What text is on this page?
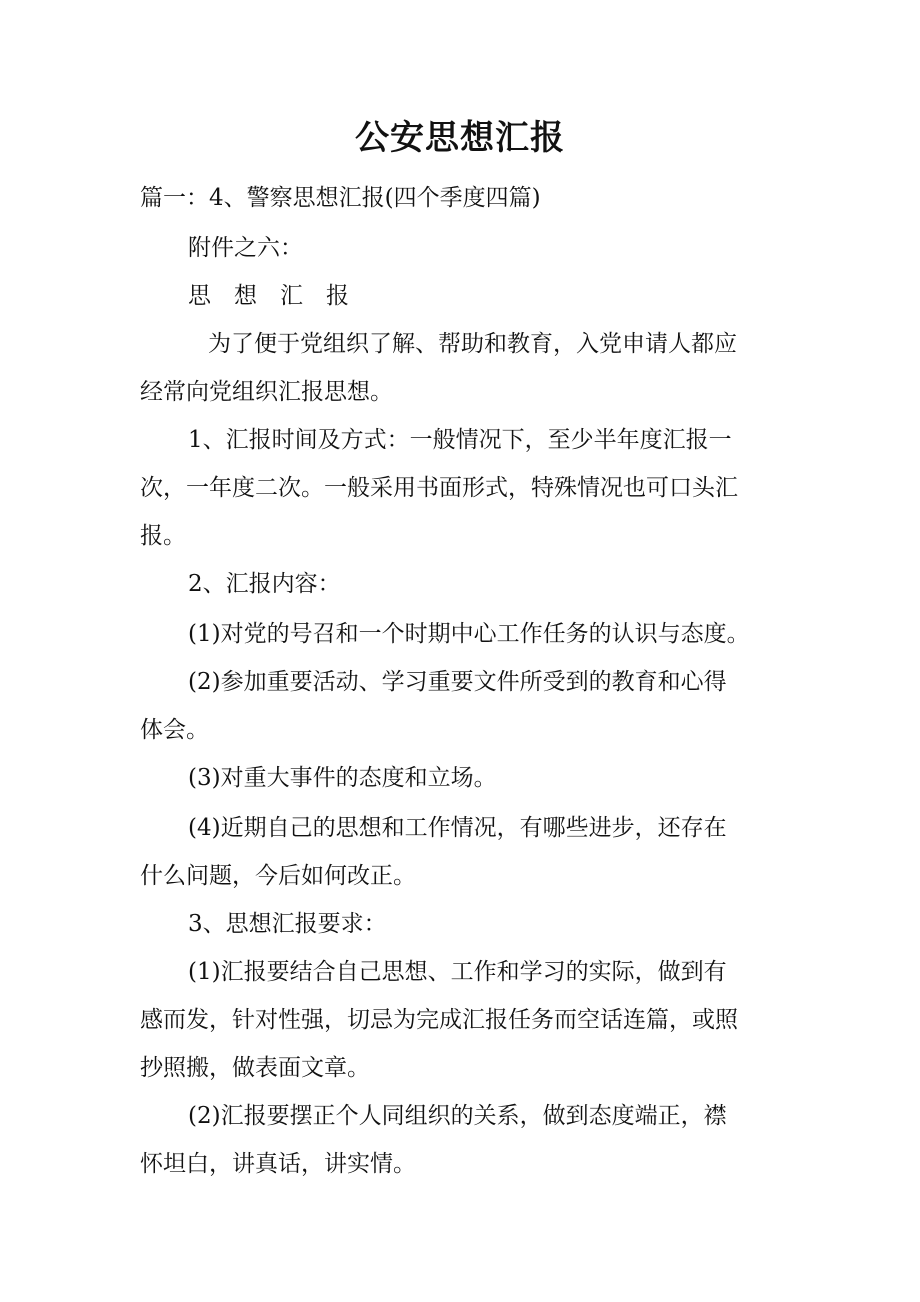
公安思想汇报
篇一：4、警察思想汇报(四个季度四篇)
附件之六：
思　想　汇　报
为了便于党组织了解、帮助和教育，入党申请人都应
经常向党组织汇报思想。
1、汇报时间及方式：一般情况下，至少半年度汇报一
次，一年度二次。一般采用书面形式，特殊情况也可口头汇
报。
2、汇报内容：
(1)对党的号召和一个时期中心工作任务的认识与态度。
(2)参加重要活动、学习重要文件所受到的教育和心得
体会。
(3)对重大事件的态度和立场。
(4)近期自己的思想和工作情况，有哪些进步，还存在
什么问题，今后如何改正。
3、思想汇报要求：
(1)汇报要结合自己思想、工作和学习的实际，做到有
感而发，针对性强，切忌为完成汇报任务而空话连篇，或照
抄照搬，做表面文章。
(2)汇报要摆正个人同组织的关系，做到态度端正，襟
怀坦白，讲真话，讲实情。
